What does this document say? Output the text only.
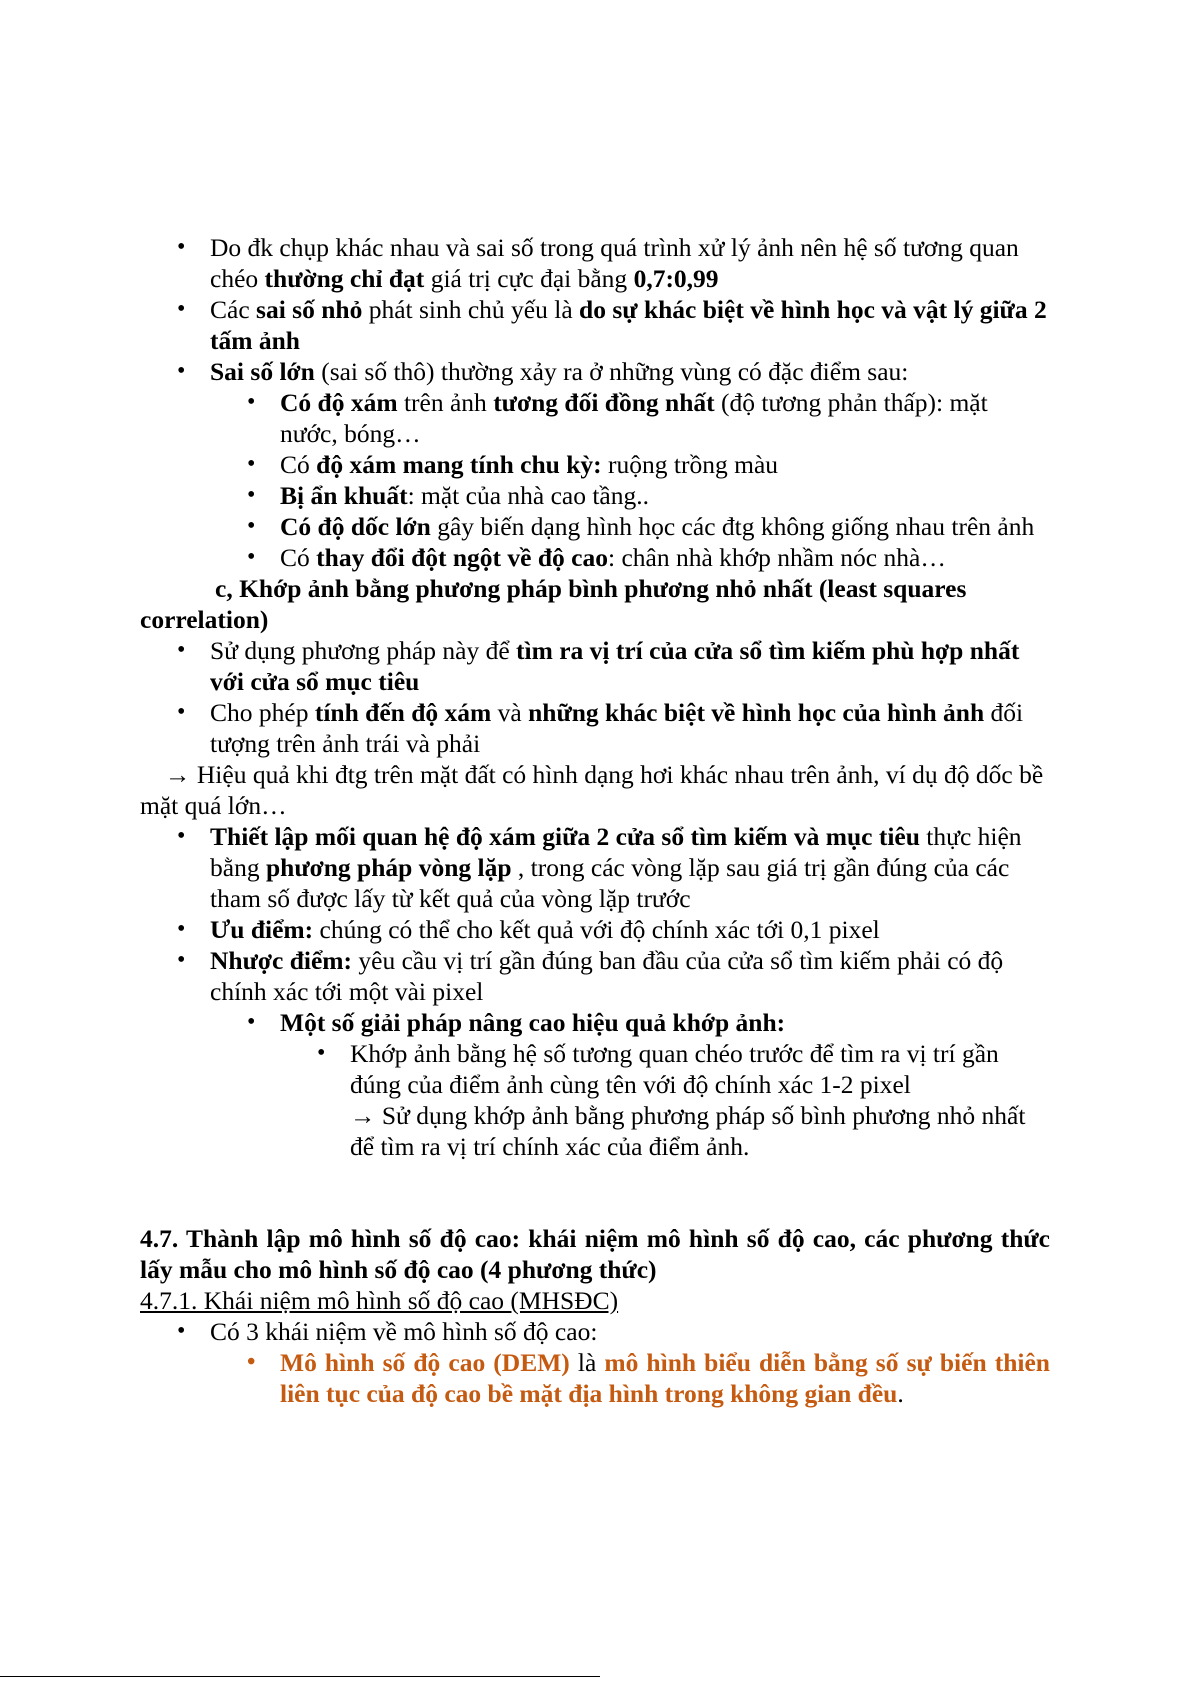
• Do đk chụp khác nhau và sai số trong quá trình xử lý ảnh nên hệ số tương quan chéo thường chỉ đạt giá trị cực đại bằng 0,7:0,99
• Các sai số nhỏ phát sinh chủ yếu là do sự khác biệt về hình học và vật lý giữa 2 tấm ảnh
• Sai số lớn (sai số thô) thường xảy ra ở những vùng có đặc điểm sau:
• Có độ xám trên ảnh tương đối đồng nhất (độ tương phản thấp): mặt nước, bóng…
• Có độ xám mang tính chu kỳ: ruộng trồng màu
• Bị ẩn khuất: mặt của nhà cao tầng..
• Có độ dốc lớn gây biến dạng hình học các đtg không giống nhau trên ảnh
• Có thay đổi đột ngột về độ cao: chân nhà khớp nhầm nóc nhà…

c, Khớp ảnh bằng phương pháp bình phương nhỏ nhất (least squares correlation)

• Sử dụng phương pháp này để tìm ra vị trí của cửa sổ tìm kiếm phù hợp nhất với cửa sổ mục tiêu
• Cho phép tính đến độ xám và những khác biệt về hình học của hình ảnh đối tượng trên ảnh trái và phải

→ Hiệu quả khi đtg trên mặt đất có hình dạng hơi khác nhau trên ảnh, ví dụ độ dốc bề mặt quá lớn…

• Thiết lập mối quan hệ độ xám giữa 2 cửa sổ tìm kiếm và mục tiêu thực hiện bằng phương pháp vòng lặp , trong các vòng lặp sau giá trị gần đúng của các tham số được lấy từ kết quả của vòng lặp trước
• Ưu điểm: chúng có thể cho kết quả với độ chính xác tới 0,1 pixel
• Nhược điểm: yêu cầu vị trí gần đúng ban đầu của cửa sổ tìm kiếm phải có độ chính xác tới một vài pixel
• Một số giải pháp nâng cao hiệu quả khớp ảnh:
• Khớp ảnh bằng hệ số tương quan chéo trước để tìm ra vị trí gần đúng của điểm ảnh cùng tên với độ chính xác 1-2 pixel
→ Sử dụng khớp ảnh bằng phương pháp số bình phương nhỏ nhất để tìm ra vị trí chính xác của điểm ảnh.

4.7. Thành lập mô hình số độ cao: khái niệm mô hình số độ cao, các phương thức lấy mẫu cho mô hình số độ cao (4 phương thức)

4.7.1. Khái niệm mô hình số độ cao (MHSĐC)

• Có 3 khái niệm về mô hình số độ cao:
• Mô hình số độ cao (DEM) là mô hình biểu diễn bằng số sự biến thiên liên tục của độ cao bề mặt địa hình trong không gian đều.
